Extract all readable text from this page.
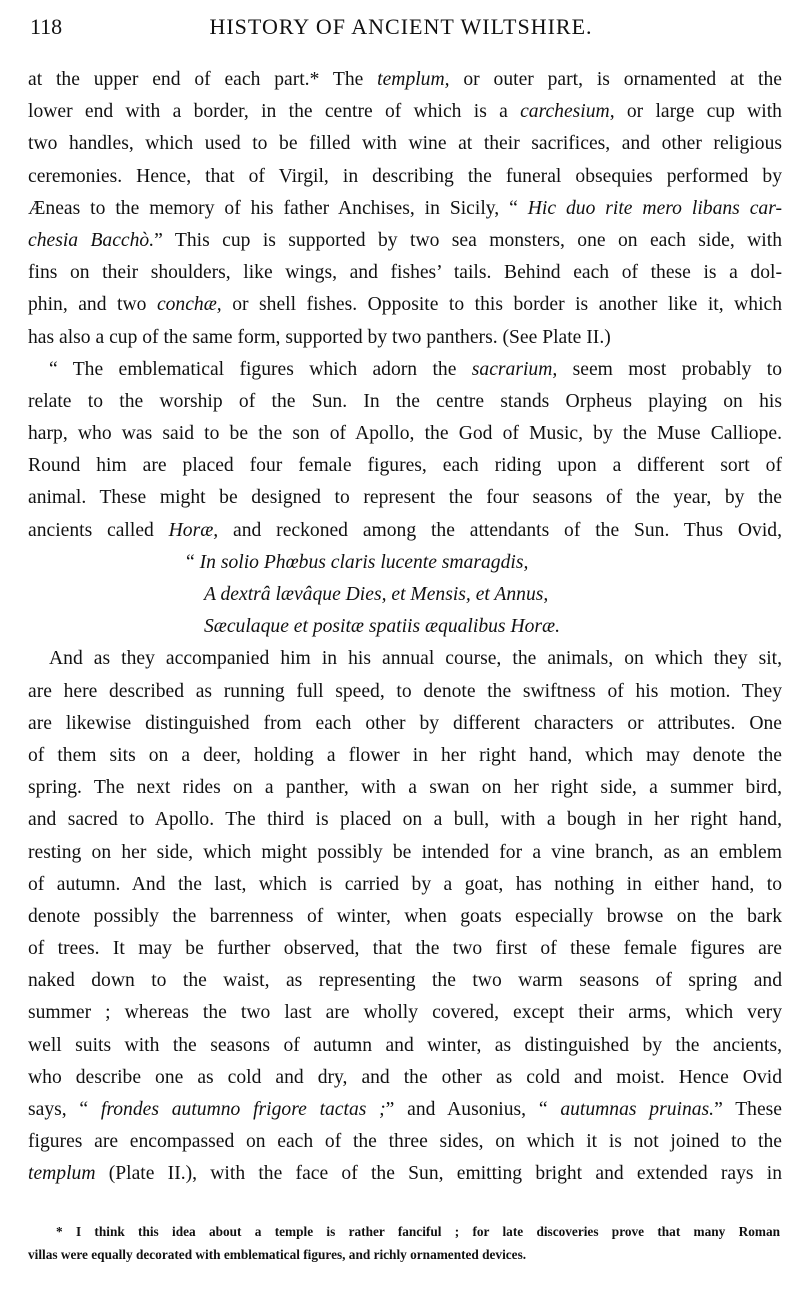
118	HISTORY OF ANCIENT WILTSHIRE.
at the upper end of each part.* The templum, or outer part, is ornamented at the
lower end with a border, in the centre of which is a carchesium, or large cup with
two handles, which used to be filled with wine at their sacrifices, and other religious
ceremonies. Hence, that of Virgil, in describing the funeral obsequies performed by
Æneas to the memory of his father Anchises, in Sicily, “ Hic duo rite mero libans car-
chesia Bacchò.” This cup is supported by two sea monsters, one on each side, with
fins on their shoulders, like wings, and fishes’ tails. Behind each of these is a dol-
phin, and two conchæ, or shell fishes. Opposite to this border is another like it, which
has also a cup of the same form, supported by two panthers. (See Plate II.)
“ The emblematical figures which adorn the sacrarium, seem most probably to
relate to the worship of the Sun. In the centre stands Orpheus playing on his
harp, who was said to be the son of Apollo, the God of Music, by the Muse Calliope.
Round him are placed four female figures, each riding upon a different sort of
animal. These might be designed to represent the four seasons of the year, by the
ancients called Horæ, and reckoned among the attendants of the Sun. Thus Ovid,
“ In solio Phœbus claris lucente smaragdis,
A dextrâ lævâque Dies, et Mensis, et Annus,
Sæculaque et positæ spatiis æqualibus Horæ.
And as they accompanied him in his annual course, the animals, on which they sit,
are here described as running full speed, to denote the swiftness of his motion. They
are likewise distinguished from each other by different characters or attributes. One
of them sits on a deer, holding a flower in her right hand, which may denote the
spring. The next rides on a panther, with a swan on her right side, a summer bird,
and sacred to Apollo. The third is placed on a bull, with a bough in her right hand,
resting on her side, which might possibly be intended for a vine branch, as an emblem
of autumn. And the last, which is carried by a goat, has nothing in either hand, to
denote possibly the barrenness of winter, when goats especially browse on the bark
of trees. It may be further observed, that the two first of these female figures are
naked down to the waist, as representing the two warm seasons of spring and
summer ; whereas the two last are wholly covered, except their arms, which very
well suits with the seasons of autumn and winter, as distinguished by the ancients,
who describe one as cold and dry, and the other as cold and moist. Hence Ovid
says, “ frondes autumno frigore tactas ;” and Ausonius, “ autumnas pruinas.” These
figures are encompassed on each of the three sides, on which it is not joined to the
templum (Plate II.), with the face of the Sun, emitting bright and extended rays in
* I think this idea about a temple is rather fanciful ; for late discoveries prove that many Roman
villas were equally decorated with emblematical figures, and richly ornamented devices.
